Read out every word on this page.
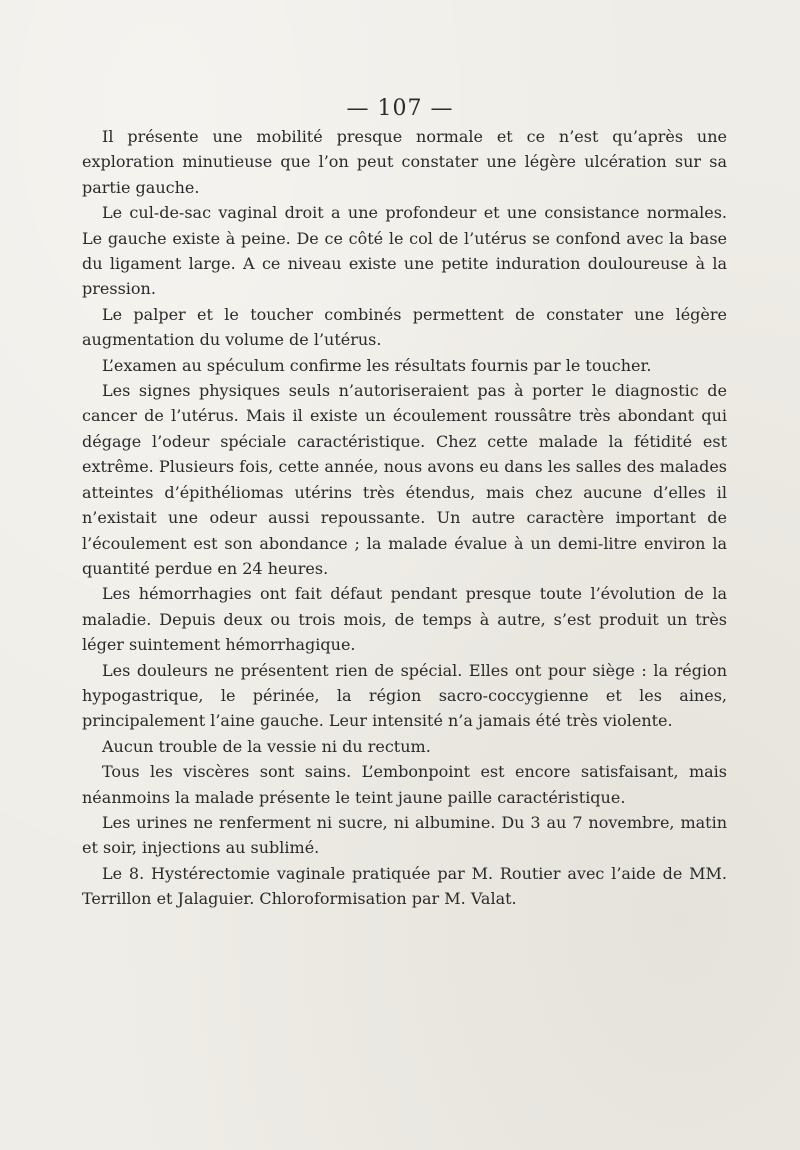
— 107 —

Il présente une mobilité presque normale et ce n’est qu’après une exploration minutieuse que l’on peut constater une légère ulcération sur sa partie gauche.

Le cul-de-sac vaginal droit a une profondeur et une consistance normales. Le gauche existe à peine. De ce côté le col de l’utérus se confond avec la base du ligament large. A ce niveau existe une petite induration douloureuse à la pression.

Le palper et le toucher combinés permettent de constater une légère augmentation du volume de l’utérus.

L’examen au spéculum confirme les résultats fournis par le toucher.

Les signes physiques seuls n’autoriseraient pas à porter le diagnostic de cancer de l’utérus. Mais il existe un écoulement roussâtre très abondant qui dégage l’odeur spéciale caractéristique. Chez cette malade la fétidité est extrême. Plusieurs fois, cette année, nous avons eu dans les salles des malades atteintes d’épithéliomas utérins très étendus, mais chez aucune d’elles il n’existait une odeur aussi repoussante. Un autre caractère important de l’écoulement est son abondance ; la malade évalue à un demi-litre environ la quantité perdue en 24 heures.

Les hémorrhagies ont fait défaut pendant presque toute l’évolution de la maladie. Depuis deux ou trois mois, de temps à autre, s’est produit un très léger suintement hémorrhagique.

Les douleurs ne présentent rien de spécial. Elles ont pour siège : la région hypogastrique, le périnée, la région sacro-coccygienne et les aines, principalement l’aine gauche. Leur intensité n’a jamais été très violente.

Aucun trouble de la vessie ni du rectum.

Tous les viscères sont sains. L’embonpoint est encore satisfaisant, mais néanmoins la malade présente le teint jaune paille caractéristique.

Les urines ne renferment ni sucre, ni albumine. Du 3 au 7 novembre, matin et soir, injections au sublimé.

Le 8. Hystérectomie vaginale pratiquée par M. Routier avec l’aide de MM. Terrillon et Jalaguier. Chloroformisation par M. Valat.
